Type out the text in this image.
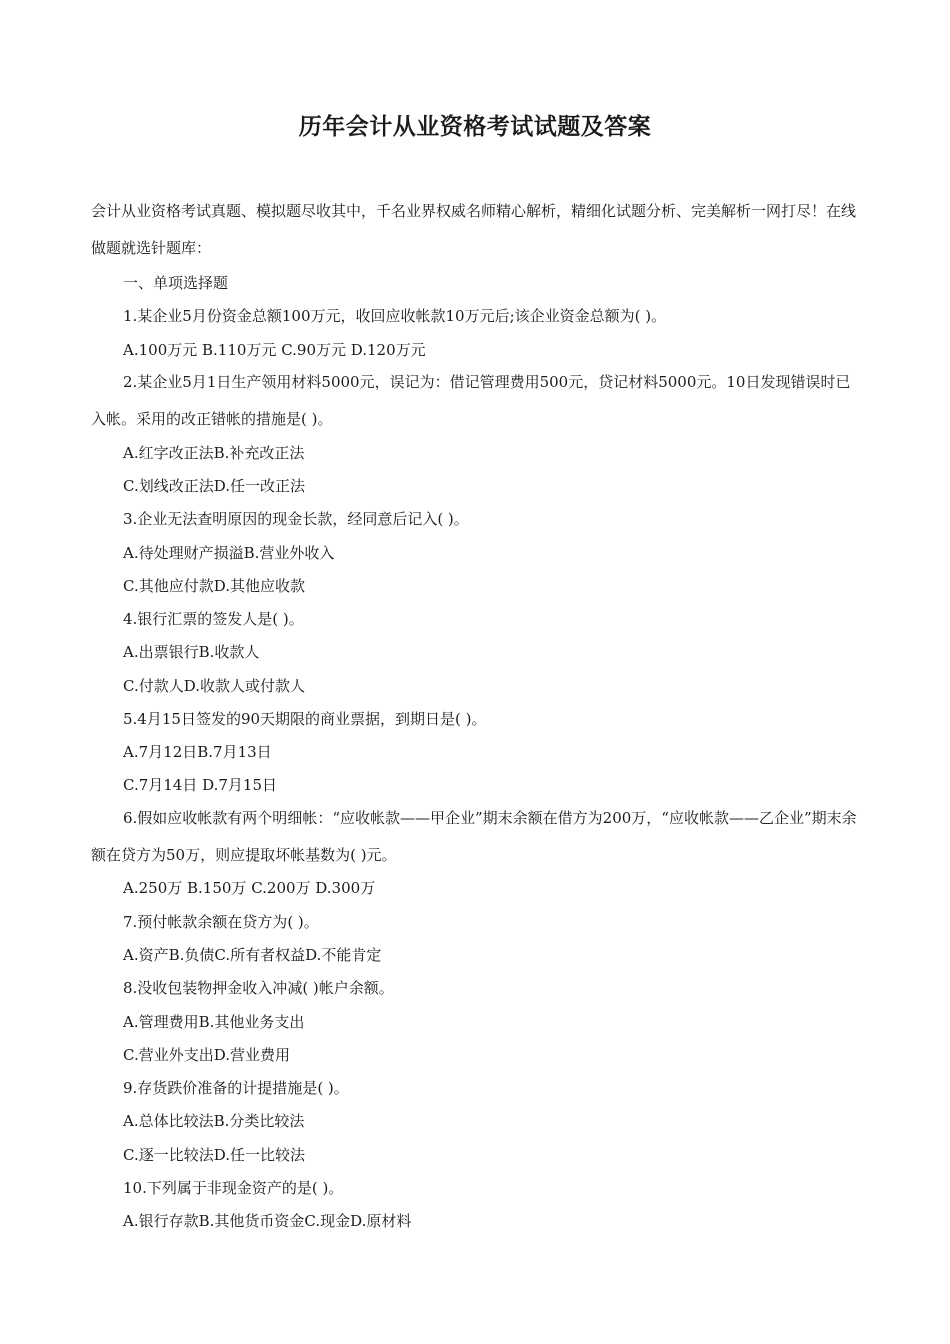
历年会计从业资格考试试题及答案

会计从业资格考试真题、模拟题尽收其中，千名业界权威名师精心解析，精细化试题分析、完美解析一网打尽！在线做题就选针题库：

一、单项选择题
1.某企业5月份资金总额100万元，收回应收帐款10万元后;该企业资金总额为( )。
A.100万元 B.110万元 C.90万元 D.120万元

2.某企业5月1日生产领用材料5000元，误记为：借记管理费用500元，贷记材料5000元。10日发现错误时已入帐。采用的改正错帐的措施是( )。

A.红字改正法B.补充改正法
C.划线改正法D.任一改正法
3.企业无法查明原因的现金长款，经同意后记入( )。
A.待处理财产损溢B.营业外收入
C.其他应付款D.其他应收款
4.银行汇票的签发人是( )。
A.出票银行B.收款人
C.付款人D.收款人或付款人
5.4月15日签发的90天期限的商业票据，到期日是( )。
A.7月12日B.7月13日
C.7月14日 D.7月15日

6.假如应收帐款有两个明细帐：“应收帐款——甲企业”期末余额在借方为200万，“应收帐款——乙企业”期末余额在贷方为50万，则应提取坏帐基数为( )元。

A.250万 B.150万 C.200万 D.300万
7.预付帐款余额在贷方为( )。
A.资产B.负债C.所有者权益D.不能肯定
8.没收包装物押金收入冲减( )帐户余额。
A.管理费用B.其他业务支出
C.营业外支出D.营业费用
9.存货跌价准备的计提措施是( )。
A.总体比较法B.分类比较法
C.逐一比较法D.任一比较法
10.下列属于非现金资产的是( )。
A.银行存款B.其他货币资金C.现金D.原材料
